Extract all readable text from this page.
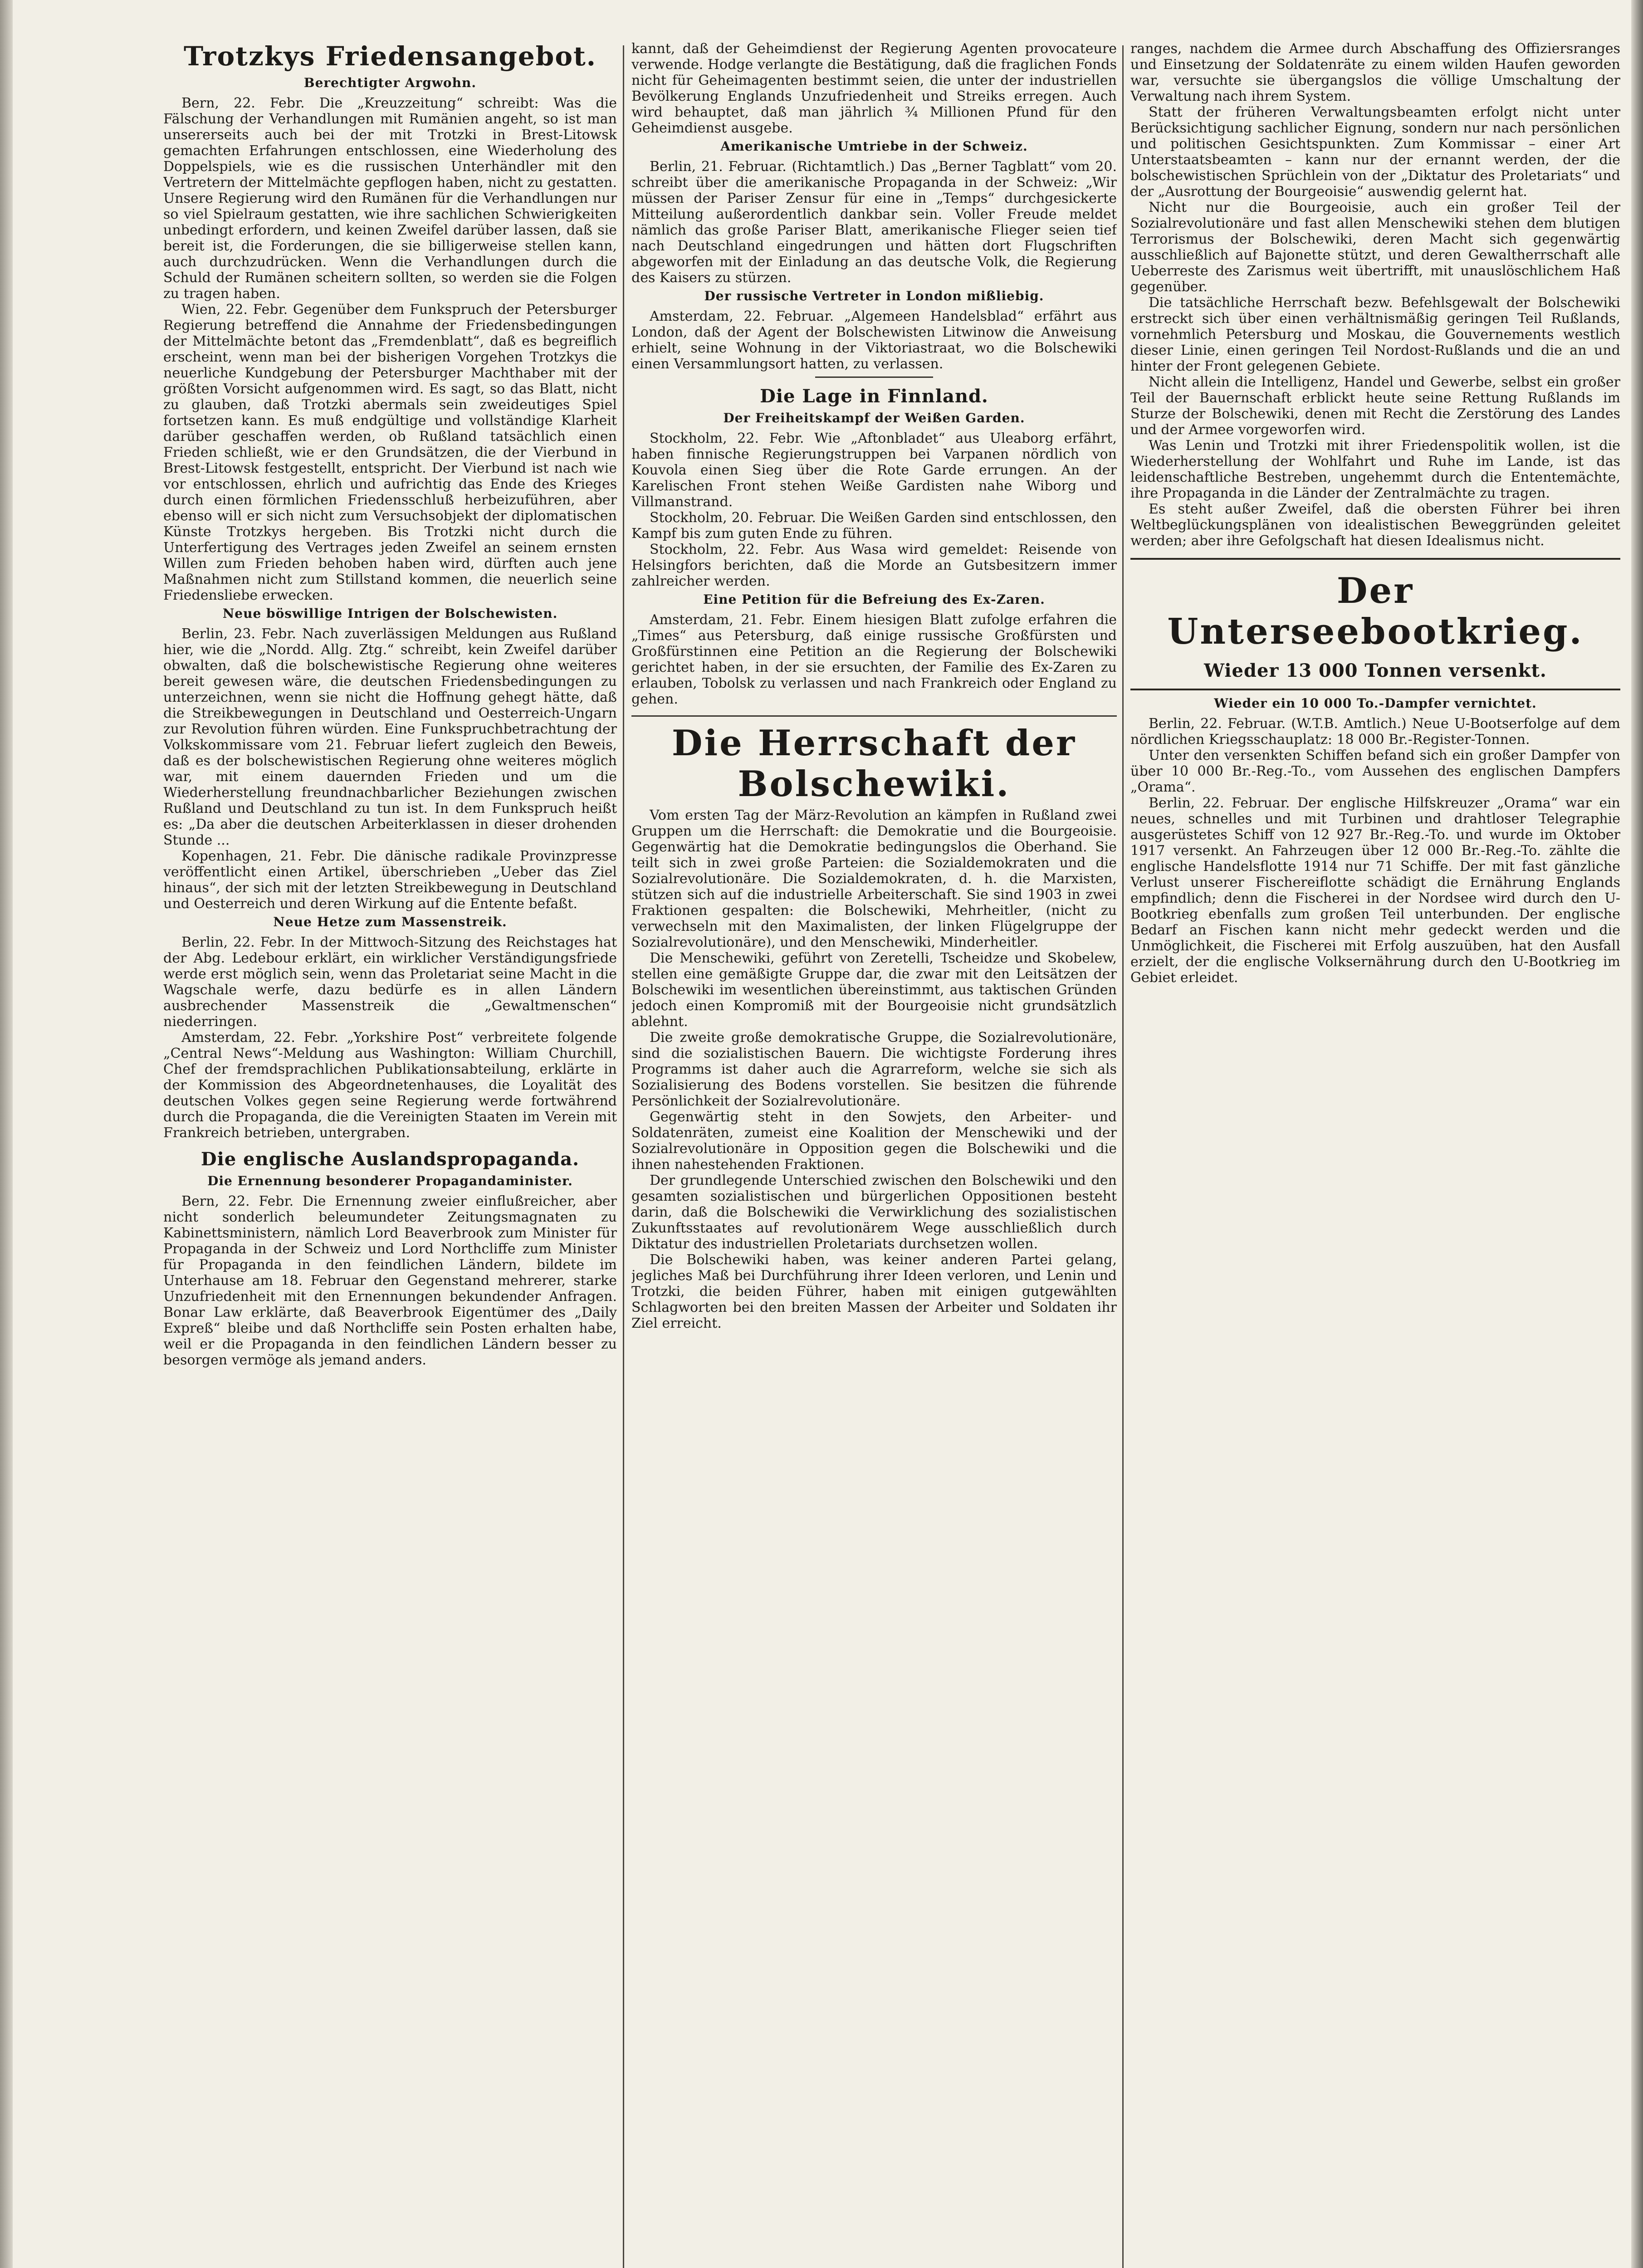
Trotzkys Friedensangebot.
Berechtigter Argwohn.

Bern, 22. Febr. Die „Kreuzzeitung“ schreibt: Was die Fälschung der Verhandlungen mit Rumänien angeht, so ist man unsererseits auch bei der mit Trotzki in Brest-Litowsk gemachten Erfahrungen entschlossen, eine Wiederholung des Doppelspiels, wie es die russischen Unterhändler mit den Vertretern der Mittelmächte gepflogen haben, nicht zu gestatten. Unsere Regierung wird den Rumänen für die Verhandlungen nur so viel Spielraum gestatten, wie ihre sachlichen Schwierigkeiten unbedingt erfordern, und keinen Zweifel darüber lassen, daß sie bereit ist, die Forderungen, die sie billigerweise stellen kann, auch durchzudrücken. Wenn die Verhandlungen durch die Schuld der Rumänen scheitern sollten, so werden sie die Folgen zu tragen haben.

Wien, 22. Febr. Gegenüber dem Funkspruch der Petersburger Regierung betreffend die Annahme der Friedensbedingungen der Mittelmächte betont das „Fremdenblatt“, daß es begreiflich erscheint, wenn man bei der bisherigen Vorgehen Trotzkys die neuerliche Kundgebung der Petersburger Machthaber mit der größten Vorsicht aufgenommen wird. Es sagt, so das Blatt, nicht zu glauben, daß Trotzki abermals sein zweideutiges Spiel fortsetzen kann. Es muß endgültige und vollständige Klarheit darüber geschaffen werden, ob Rußland tatsächlich einen Frieden schließt, wie er den Grundsätzen, die der Vierbund in Brest-Litowsk festgestellt, entspricht. Der Vierbund ist nach wie vor entschlossen, ehrlich und aufrichtig das Ende des Krieges durch einen förmlichen Friedensschluß herbeizuführen, aber ebenso will er sich nicht zum Versuchsobjekt der diplomatischen Künste Trotzkys hergeben. Bis Trotzki nicht durch die Unterfertigung des Vertrages jeden Zweifel an seinem ernsten Willen zum Frieden behoben haben wird, dürften auch jene Maßnahmen nicht zum Stillstand kommen, die neuerlich seine Friedensliebe erwecken.

Neue böswillige Intrigen der Bolschewisten.

Berlin, 23. Febr. Nach zuverlässigen Meldungen aus Rußland hier, wie die „Nordd. Allg. Ztg.“ schreibt, kein Zweifel darüber obwalten, daß die bolschewistische Regierung ohne weiteres bereit gewesen wäre, die deutschen Friedensbedingungen zu unterzeichnen, wenn sie nicht die Hoffnung gehegt hätte, daß die Streikbewegungen in Deutschland und Oesterreich-Ungarn zur Revolution führen würden. Eine Funkspruchbetrachtung der Volkskommissare vom 21. Februar liefert zugleich den Beweis, daß es der bolschewistischen Regierung ohne weiteres möglich war, mit einem dauernden Frieden und um die Wiederherstellung freundnachbarlicher Beziehungen zwischen Rußland und Deutschland zu tun ist. In dem Funkspruch heißt es: „Da aber die deutschen Arbeiterklassen in dieser drohenden Stunde ...

Kopenhagen, 21. Febr. Die dänische radikale Provinzpresse veröffentlicht einen Artikel, überschrieben „Ueber das Ziel hinaus“, der sich mit der letzten Streikbewegung in Deutschland und Oesterreich und deren Wirkung auf die Entente befaßt.

Neue Hetze zum Massenstreik.

Berlin, 22. Febr. In der Mittwoch-Sitzung des Reichstages hat der Abg. Ledebour erklärt, ein wirklicher Verständigungsfriede werde erst möglich sein, wenn das Proletariat seine Macht in die Wagschale werfe, dazu bedürfe es in allen Ländern ausbrechender Massenstreik die „Gewaltmenschen“ niederringen.

Amsterdam, 22. Febr. „Yorkshire Post“ verbreitete folgende „Central News“-Meldung aus Washington: William Churchill, Chef der fremdsprachlichen Publikationsabteilung, erklärte in der Kommission des Abgeordnetenhauses, die Loyalität des deutschen Volkes gegen seine Regierung werde fortwährend durch die Propaganda, die die Vereinigten Staaten im Verein mit Frankreich betrieben, untergraben.

Die englische Auslandspropaganda.
Die Ernennung besonderer Propagandaminister.

Bern, 22. Febr. Die Ernennung zweier einflußreicher, aber nicht sonderlich beleumundeter Zeitungsmagnaten zu Kabinettsministern, nämlich Lord Beaverbrook zum Minister für Propaganda in der Schweiz und Lord Northcliffe zum Minister für Propaganda in den feindlichen Ländern, bildete im Unterhause am 18. Februar den Gegenstand mehrerer, starke Unzufriedenheit mit den Ernennungen bekundender Anfragen. Bonar Law erklärte, daß Beaverbrook Eigentümer des „Daily Expreß“ bleibe und daß Northcliffe sein Posten erhalten habe, weil er die Propaganda in den feindlichen Ländern besser zu besorgen vermöge als jemand anders.

kannt, daß der Geheimdienst der Regierung Agenten provocateure verwende. Hodge verlangte die Bestätigung, daß die fraglichen Fonds nicht für Geheimagenten bestimmt seien, die unter der industriellen Bevölkerung Englands Unzufriedenheit und Streiks erregen. Auch wird behauptet, daß man jährlich ¾ Millionen Pfund für den Geheimdienst ausgebe.

Amerikanische Umtriebe in der Schweiz.

Berlin, 21. Februar. (Richtamtlich.) Das „Berner Tagblatt“ vom 20. schreibt über die amerikanische Propaganda in der Schweiz: „Wir müssen der Pariser Zensur für eine in „Temps“ durchgesickerte Mitteilung außerordentlich dankbar sein. Voller Freude meldet nämlich das große Pariser Blatt, amerikanische Flieger seien tief nach Deutschland eingedrungen und hätten dort Flugschriften abgeworfen mit der Einladung an das deutsche Volk, die Regierung des Kaisers zu stürzen.

Der russische Vertreter in London mißliebig.

Amsterdam, 22. Februar. „Algemeen Handelsblad“ erfährt aus London, daß der Agent der Bolschewisten Litwinow die Anweisung erhielt, seine Wohnung in der Viktoriastraat, wo die Bolschewiki einen Versammlungsort hatten, zu verlassen.

Die Lage in Finnland.
Der Freiheitskampf der Weißen Garden.

Stockholm, 22. Febr. Wie „Aftonbladet“ aus Uleaborg erfährt, haben finnische Regierungstruppen bei Varpanen nördlich von Kouvola einen Sieg über die Rote Garde errungen. An der Karelischen Front stehen Weiße Gardisten nahe Wiborg und Villmanstrand.

Stockholm, 20. Februar. Die Weißen Garden sind entschlossen, den Kampf bis zum guten Ende zu führen.

Stockholm, 22. Febr. Aus Wasa wird gemeldet: Reisende von Helsingfors berichten, daß die Morde an Gutsbesitzern immer zahlreicher werden.

Eine Petition für die Befreiung des Ex-Zaren.

Amsterdam, 21. Febr. Einem hiesigen Blatt zufolge erfahren die „Times“ aus Petersburg, daß einige russische Großfürsten und Großfürstinnen eine Petition an die Regierung der Bolschewiki gerichtet haben, in der sie ersuchten, der Familie des Ex-Zaren zu erlauben, Tobolsk zu verlassen und nach Frankreich oder England zu gehen.

Die Herrschaft der Bolschewiki.

Vom ersten Tag der März-Revolution an kämpfen in Rußland zwei Gruppen um die Herrschaft: die Demokratie und die Bourgeoisie. Gegenwärtig hat die Demokratie bedingungslos die Oberhand. Sie teilt sich in zwei große Parteien: die Sozialdemokraten und die Sozialrevolutionäre. Die Sozialdemokraten, d. h. die Marxisten, stützen sich auf die industrielle Arbeiterschaft. Sie sind 1903 in zwei Fraktionen gespalten: die Bolschewiki, Mehrheitler, (nicht zu verwechseln mit den Maximalisten, der linken Flügelgruppe der Sozialrevolutionäre), und den Menschewiki, Minderheitler.

Die Menschewiki, geführt von Zeretelli, Tscheidze und Skobelew, stellen eine gemäßigte Gruppe dar, die zwar mit den Leitsätzen der Bolschewiki im wesentlichen übereinstimmt, aus taktischen Gründen jedoch einen Kompromiß mit der Bourgeoisie nicht grundsätzlich ablehnt.

Die zweite große demokratische Gruppe, die Sozialrevolutionäre, sind die sozialistischen Bauern. Die wichtigste Forderung ihres Programms ist daher auch die Agrarreform, welche sie sich als Sozialisierung des Bodens vorstellen. Sie besitzen die führende Persönlichkeit der Sozialrevolutionäre.

Gegenwärtig steht in den Sowjets, den Arbeiter- und Soldatenräten, zumeist eine Koalition der Menschewiki und der Sozialrevolutionäre in Opposition gegen die Bolschewiki und die ihnen nahestehenden Fraktionen.

Der grundlegende Unterschied zwischen den Bolschewiki und den gesamten sozialistischen und bürgerlichen Oppositionen besteht darin, daß die Bolschewiki die Verwirklichung des sozialistischen Zukunftsstaates auf revolutionärem Wege ausschließlich durch Diktatur des industriellen Proletariats durchsetzen wollen.

Die Bolschewiki haben, was keiner anderen Partei gelang, jegliches Maß bei Durchführung ihrer Ideen verloren, und Lenin und Trotzki, die beiden Führer, haben mit einigen gutgewählten Schlagworten bei den breiten Massen der Arbeiter und Soldaten ihr Ziel erreicht.

ranges, nachdem die Armee durch Abschaffung des Offiziersranges und Einsetzung der Soldatenräte zu einem wilden Haufen geworden war, versuchte sie übergangslos die völlige Umschaltung der Verwaltung nach ihrem System.

Statt der früheren Verwaltungsbeamten erfolgt nicht unter Berücksichtigung sachlicher Eignung, sondern nur nach persönlichen und politischen Gesichtspunkten. Zum Kommissar – einer Art Unterstaatsbeamten – kann nur der ernannt werden, der die bolschewistischen Sprüchlein von der „Diktatur des Proletariats“ und der „Ausrottung der Bourgeoisie“ auswendig gelernt hat.

Nicht nur die Bourgeoisie, auch ein großer Teil der Sozialrevolutionäre und fast allen Menschewiki stehen dem blutigen Terrorismus der Bolschewiki, deren Macht sich gegenwärtig ausschließlich auf Bajonette stützt, und deren Gewaltherrschaft alle Ueberreste des Zarismus weit übertrifft, mit unauslöschlichem Haß gegenüber.

Die tatsächliche Herrschaft bezw. Befehlsgewalt der Bolschewiki erstreckt sich über einen verhältnismäßig geringen Teil Rußlands, vornehmlich Petersburg und Moskau, die Gouvernements westlich dieser Linie, einen geringen Teil Nordost-Rußlands und die an und hinter der Front gelegenen Gebiete.

Nicht allein die Intelligenz, Handel und Gewerbe, selbst ein großer Teil der Bauernschaft erblickt heute seine Rettung Rußlands im Sturze der Bolschewiki, denen mit Recht die Zerstörung des Landes und der Armee vorgeworfen wird.

Was Lenin und Trotzki mit ihrer Friedenspolitik wollen, ist die Wiederherstellung der Wohlfahrt und Ruhe im Lande, ist das leidenschaftliche Bestreben, ungehemmt durch die Ententemächte, ihre Propaganda in die Länder der Zentralmächte zu tragen.

Es steht außer Zweifel, daß die obersten Führer bei ihren Weltbeglückungsplänen von idealistischen Beweggründen geleitet werden; aber ihre Gefolgschaft hat diesen Idealismus nicht.

Der Unterseebootkrieg.
Wieder 13 000 Tonnen versenkt.
Wieder ein 10 000 To.-Dampfer vernichtet.

Berlin, 22. Februar. (W.T.B. Amtlich.) Neue U-Bootserfolge auf dem nördlichen Kriegsschauplatz: 18 000 Br.-Register-Tonnen.

Unter den versenkten Schiffen befand sich ein großer Dampfer von über 10 000 Br.-Reg.-To., vom Aussehen des englischen Dampfers „Orama“.

Berlin, 22. Februar. Der englische Hilfskreuzer „Orama“ war ein neues, schnelles und mit Turbinen und drahtloser Telegraphie ausgerüstetes Schiff von 12 927 Br.-Reg.-To. und wurde im Oktober 1917 versenkt. An Fahrzeugen über 12 000 Br.-Reg.-To. zählte die englische Handelsflotte 1914 nur 71 Schiffe. Der mit fast gänzliche Verlust unserer Fischereiflotte schädigt die Ernährung Englands empfindlich; denn die Fischerei in der Nordsee wird durch den U-Bootkrieg ebenfalls zum großen Teil unterbunden. Der englische Bedarf an Fischen kann nicht mehr gedeckt werden und die Unmöglichkeit, die Fischerei mit Erfolg auszuüben, hat den Ausfall erzielt, der die englische Volksernährung durch den U-Bootkrieg im Gebiet erleidet.
